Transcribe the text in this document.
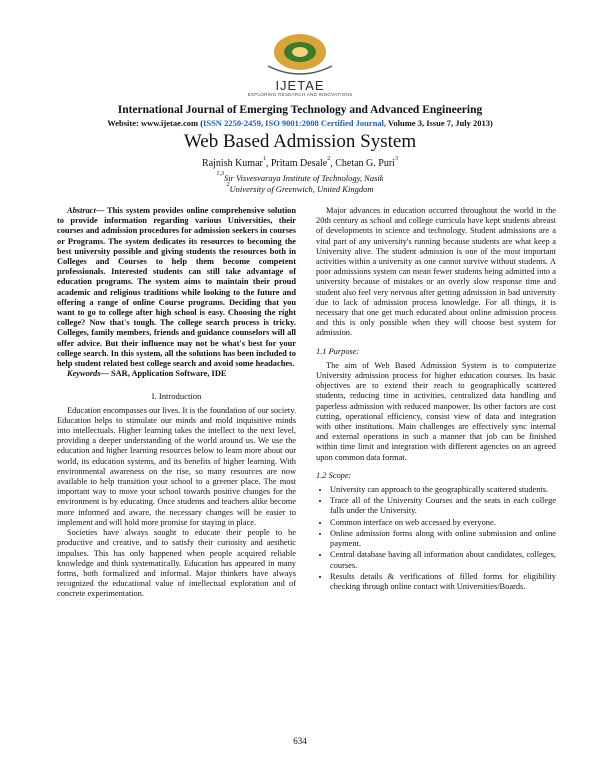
IJETAE
EXPLORING RESEARCH AND INNOVATIONS
International Journal of Emerging Technology and Advanced Engineering
Website: www.ijetae.com (ISSN 2250-2459, ISO 9001:2008 Certified Journal, Volume 3, Issue 7, July 2013)
Web Based Admission System
Rajnish Kumar$^1$, Pritam Desale$^2$, Chetan G. Puri$^3$
$^{1,3}$Sir Visvesvaraya Institute of Technology, Nasik
$^2$University of Greenwich, United Kingdom

Abstract— This system provides online comprehensive solution to provide information regarding various Universities, their courses and admission procedures for admission seekers in courses or Programs. The system dedicates its resources to becoming the best university possible and giving students the resources both in Colleges and Courses to help them become competent professionals. Interested students can still take advantage of education programs. The system aims to maintain their proud academic and religious traditions while looking to the future and offering a range of online Course programs. Deciding that you want to go to college after high school is easy. Choosing the right college? Now that's tough. The college search process is tricky. Colleges, family members, friends and guidance counselors will all offer advice. But their influence may not be what's best for your college search. In this system, all the solutions has been included to help student related best college search and avoid some headaches.

Keywords— SAR, Application Software, IDE

I. Introduction

Education encompasses our lives. It is the foundation of our society. Education helps to stimulate our minds and mold inquisitive minds into intellectuals. Higher learning takes the intellect to the next level, providing a deeper understanding of the world around us. We use the education and higher learning resources below to learn more about our world, its education systems, and its benefits of higher learning. With environmental awareness on the rise, so many resources are now available to help transition your school to a greener place. The most important way to move your school towards positive changes for the environment is by educating. Once students and teachers alike become more informed and aware, the necessary changes will be easier to implement and will hold more promise for staying in place.

Societies have always sought to educate their people to be productive and creative, and to satisfy their curiosity and aesthetic impulses. This has only happened when people acquired reliable knowledge and think systematically. Education has appeared in many forms, both formalized and informal. Major thinkers have always recognized the educational value of intellectual exploration and of concrete experimentation.

Major advances in education occurred throughout the world in the 20th century as school and college curricula have kept students abreast of developments in science and technology. Student admissions are a vital part of any university's running because students are what keep a University alive. The student admission is one of the most important activities within a university as one cannot survive without students. A poor admissions system can mean fewer students being admitted into a university because of mistakes or an overly slow response time and student also feel very nervous after getting admission in bad university due to lack of admission process knowledge. For all things, it is necessary that one get much educated about online admission process and this is only possible when they will choose best system for admission.

1.1 Purpose:

The aim of Web Based Admission System is to computerize University admission process for higher education courses. Its basic objectives are to extend their reach to geographically scattered students, reducing time in activities, centralized data handling and paperless admission with reduced manpower. Its other factors are cost cutting, operational efficiency, consist view of data and integration with other institutions. Main challenges are effectively sync internal and external operations in such a manner that job can be finished within time limit and integration with different agencies on an agreed upon common data format.

1.2 Scope:
• University can approach to the geographically scattered students.
• Trace all of the University Courses and the seats in each college falls under the University.
• Common interface on web accessed by everyone.
• Online admission forms along with online submission and online payment.
• Central database having all information about candidates, colleges, courses.
• Results details & verifications of filled forms for eligibility checking through online contact with Universities/Boards.
634
